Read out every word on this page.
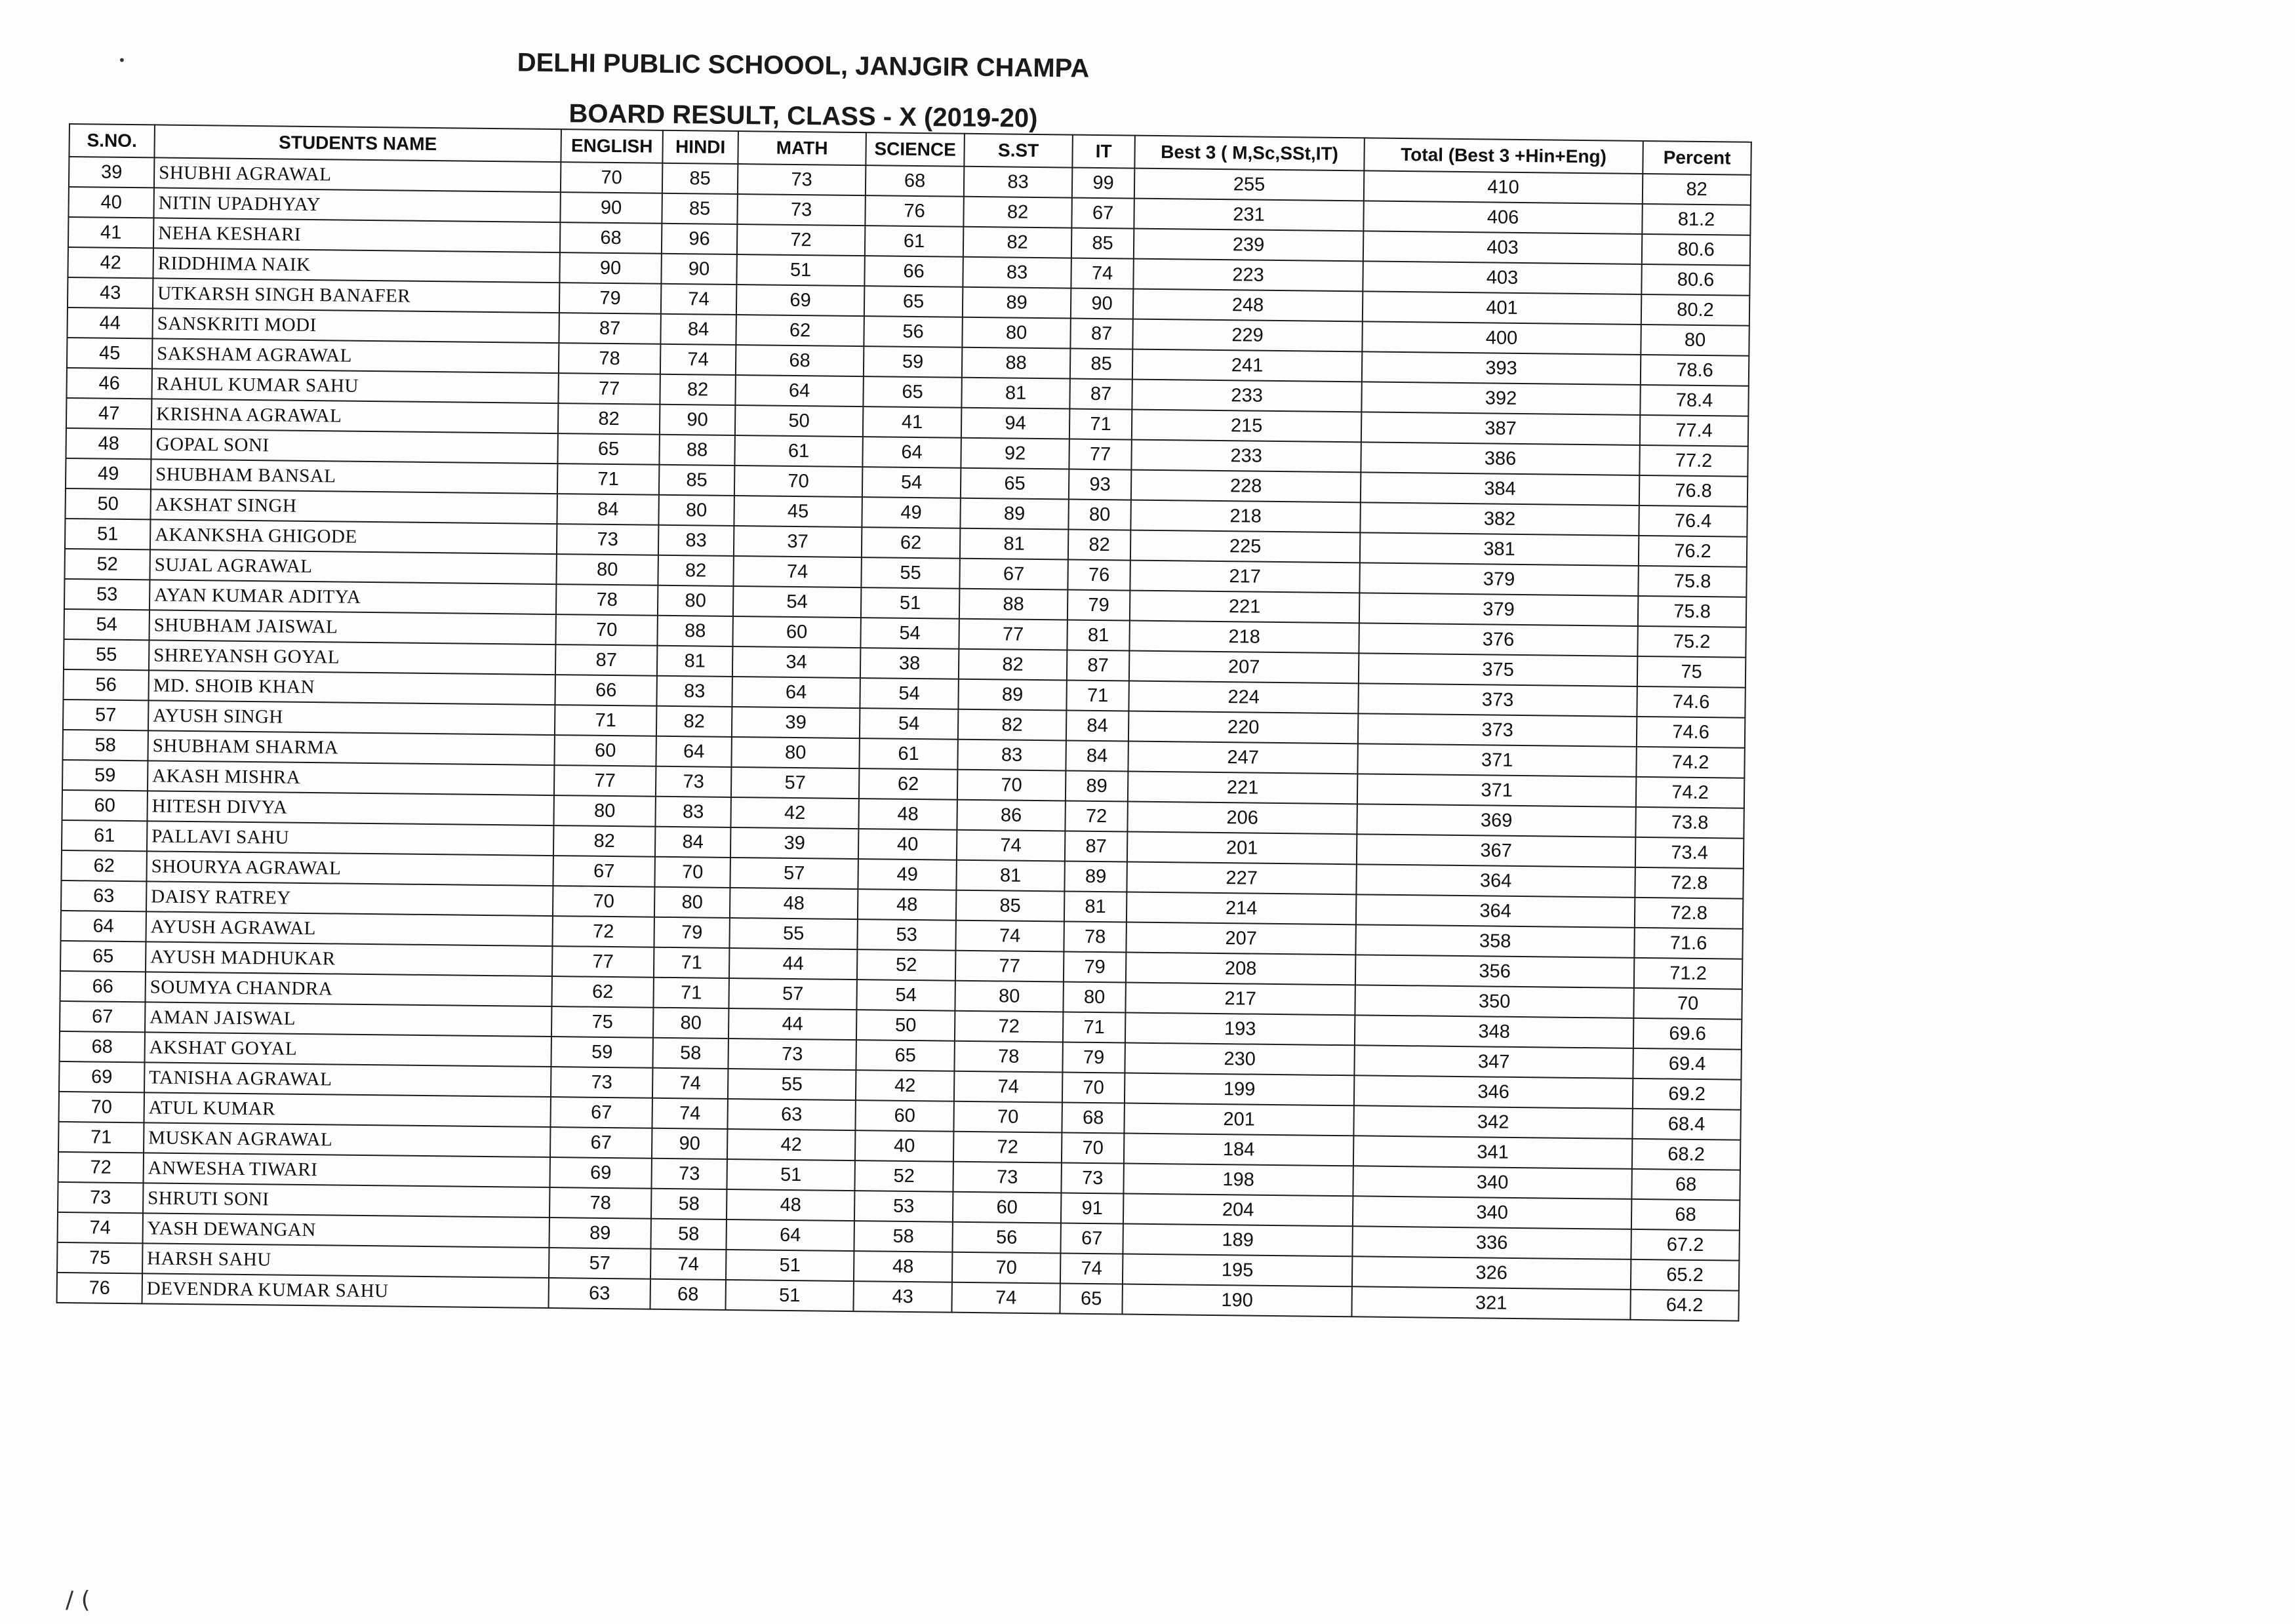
DELHI PUBLIC SCHOOOL, JANJGIR CHAMPA
BOARD RESULT, CLASS - X (2019-20)
S.NO.	STUDENTS NAME	ENGLISH	HINDI	MATH	SCIENCE	S.ST	IT	Best 3 ( M,Sc,SSt,IT)	Total (Best 3 +Hin+Eng)	Percent
39	SHUBHI AGRAWAL	70	85	73	68	83	99	255	410	82
40	NITIN UPADHYAY	90	85	73	76	82	67	231	406	81.2
41	NEHA KESHARI	68	96	72	61	82	85	239	403	80.6
42	RIDDHIMA NAIK	90	90	51	66	83	74	223	403	80.6
43	UTKARSH SINGH BANAFER	79	74	69	65	89	90	248	401	80.2
44	SANSKRITI MODI	87	84	62	56	80	87	229	400	80
45	SAKSHAM AGRAWAL	78	74	68	59	88	85	241	393	78.6
46	RAHUL KUMAR SAHU	77	82	64	65	81	87	233	392	78.4
47	KRISHNA AGRAWAL	82	90	50	41	94	71	215	387	77.4
48	GOPAL SONI	65	88	61	64	92	77	233	386	77.2
49	SHUBHAM BANSAL	71	85	70	54	65	93	228	384	76.8
50	AKSHAT SINGH	84	80	45	49	89	80	218	382	76.4
51	AKANKSHA GHIGODE	73	83	37	62	81	82	225	381	76.2
52	SUJAL AGRAWAL	80	82	74	55	67	76	217	379	75.8
53	AYAN KUMAR ADITYA	78	80	54	51	88	79	221	379	75.8
54	SHUBHAM JAISWAL	70	88	60	54	77	81	218	376	75.2
55	SHREYANSH GOYAL	87	81	34	38	82	87	207	375	75
56	MD. SHOIB KHAN	66	83	64	54	89	71	224	373	74.6
57	AYUSH SINGH	71	82	39	54	82	84	220	373	74.6
58	SHUBHAM SHARMA	60	64	80	61	83	84	247	371	74.2
59	AKASH MISHRA	77	73	57	62	70	89	221	371	74.2
60	HITESH DIVYA	80	83	42	48	86	72	206	369	73.8
61	PALLAVI SAHU	82	84	39	40	74	87	201	367	73.4
62	SHOURYA AGRAWAL	67	70	57	49	81	89	227	364	72.8
63	DAISY RATREY	70	80	48	48	85	81	214	364	72.8
64	AYUSH AGRAWAL	72	79	55	53	74	78	207	358	71.6
65	AYUSH MADHUKAR	77	71	44	52	77	79	208	356	71.2
66	SOUMYA CHANDRA	62	71	57	54	80	80	217	350	70
67	AMAN JAISWAL	75	80	44	50	72	71	193	348	69.6
68	AKSHAT GOYAL	59	58	73	65	78	79	230	347	69.4
69	TANISHA AGRAWAL	73	74	55	42	74	70	199	346	69.2
70	ATUL KUMAR	67	74	63	60	70	68	201	342	68.4
71	MUSKAN AGRAWAL	67	90	42	40	72	70	184	341	68.2
72	ANWESHA TIWARI	69	73	51	52	73	73	198	340	68
73	SHRUTI SONI	78	58	48	53	60	91	204	340	68
74	YASH DEWANGAN	89	58	64	58	56	67	189	336	67.2
75	HARSH SAHU	57	74	51	48	70	74	195	326	65.2
76	DEVENDRA KUMAR SAHU	63	68	51	43	74	65	190	321	64.2
•
/ (
